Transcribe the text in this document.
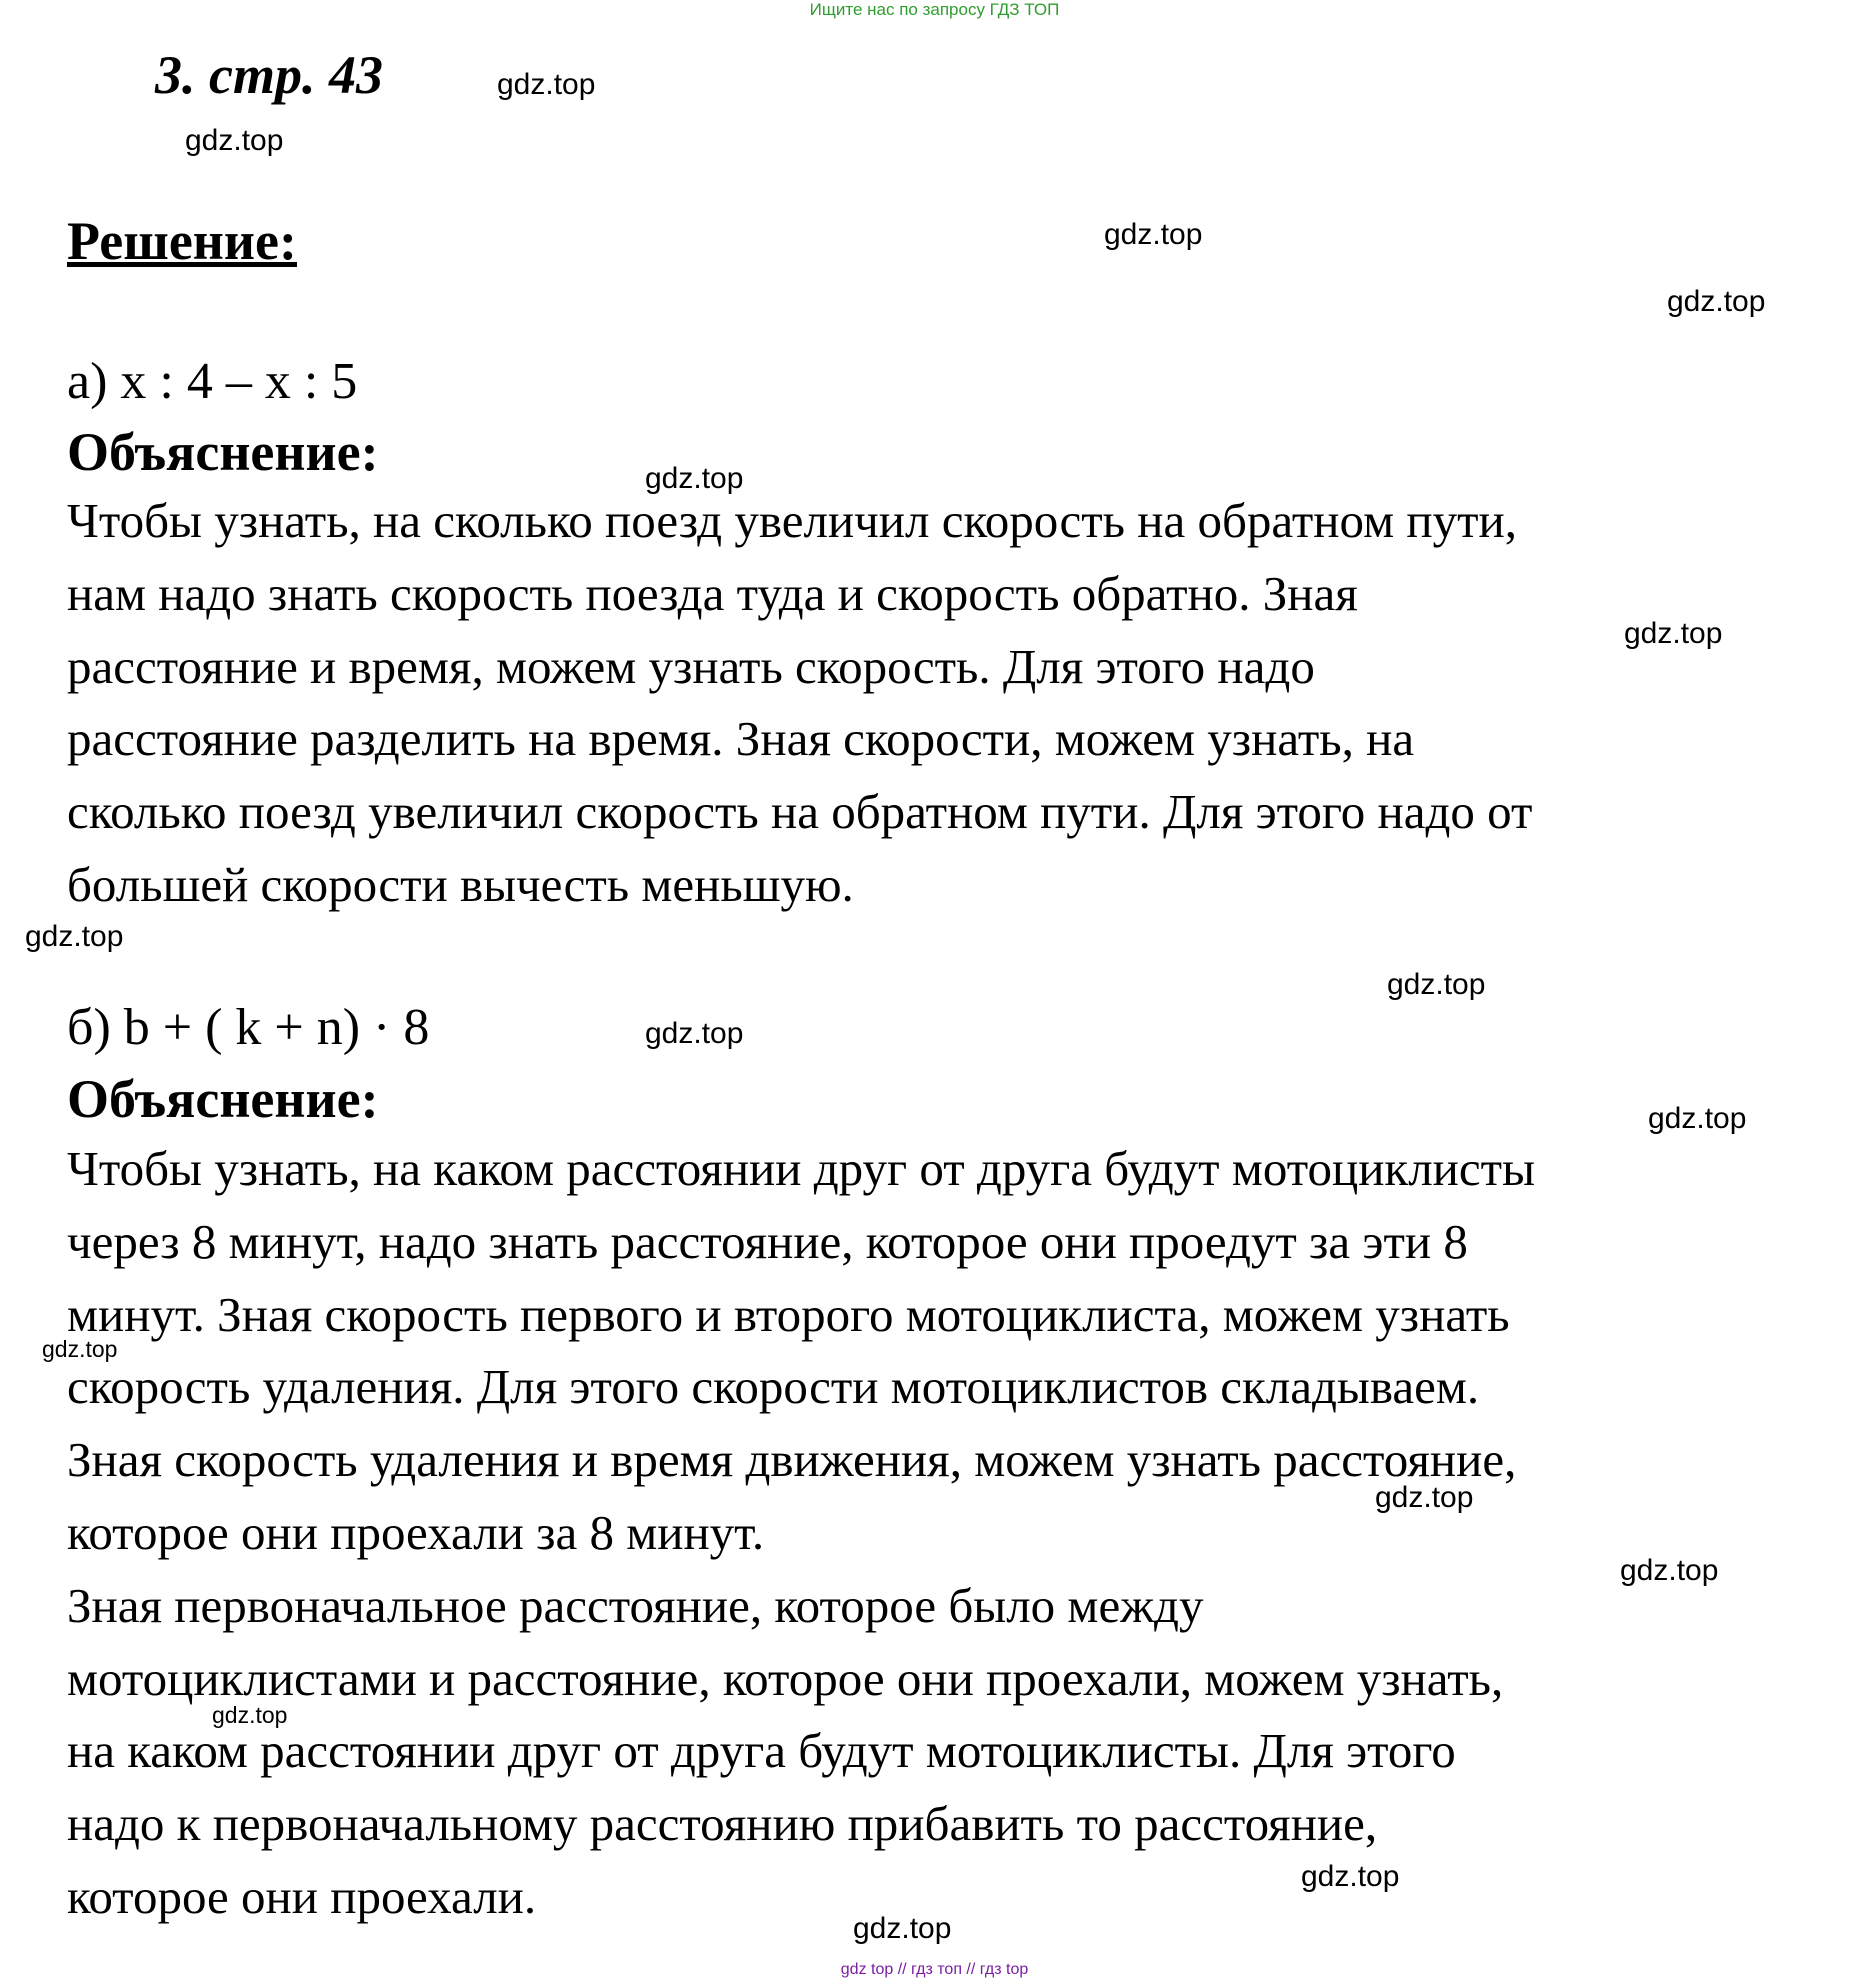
Ищите нас по запросу ГДЗ ТОП
3. стр. 43
Решение:
а) x : 4 – x : 5
Объяснение:
Чтобы узнать, на сколько поезд увеличил скорость на обратном пути,
нам надо знать скорость поезда туда и скорость обратно. Зная
расстояние и время, можем узнать скорость. Для этого надо
расстояние разделить на время. Зная скорости, можем узнать, на
сколько поезд увеличил скорость на обратном пути. Для этого надо от
большей скорости вычесть меньшую.
б) b + ( k + n) · 8
Объяснение:
Чтобы узнать, на каком расстоянии друг от друга будут мотоциклисты
через 8 минут, надо знать расстояние, которое они проедут за эти 8
минут. Зная скорость первого и второго мотоциклиста, можем узнать
скорость удаления. Для этого скорости мотоциклистов складываем.
Зная скорость удаления и время движения, можем узнать расстояние,
которое они проехали за 8 минут.
Зная первоначальное расстояние, которое было между
мотоциклистами и расстояние, которое они проехали, можем узнать,
на каком расстоянии друг от друга будут мотоциклисты. Для этого
надо к первоначальному расстоянию прибавить то расстояние,
которое они проехали.
gdz.top
gdz.top
gdz.top
gdz.top
gdz.top
gdz.top
gdz.top
gdz.top
gdz.top
gdz.top
gdz.top
gdz.top
gdz.top
gdz.top
gdz.top
gdz.top
gdz top // гдз топ // гдз top
